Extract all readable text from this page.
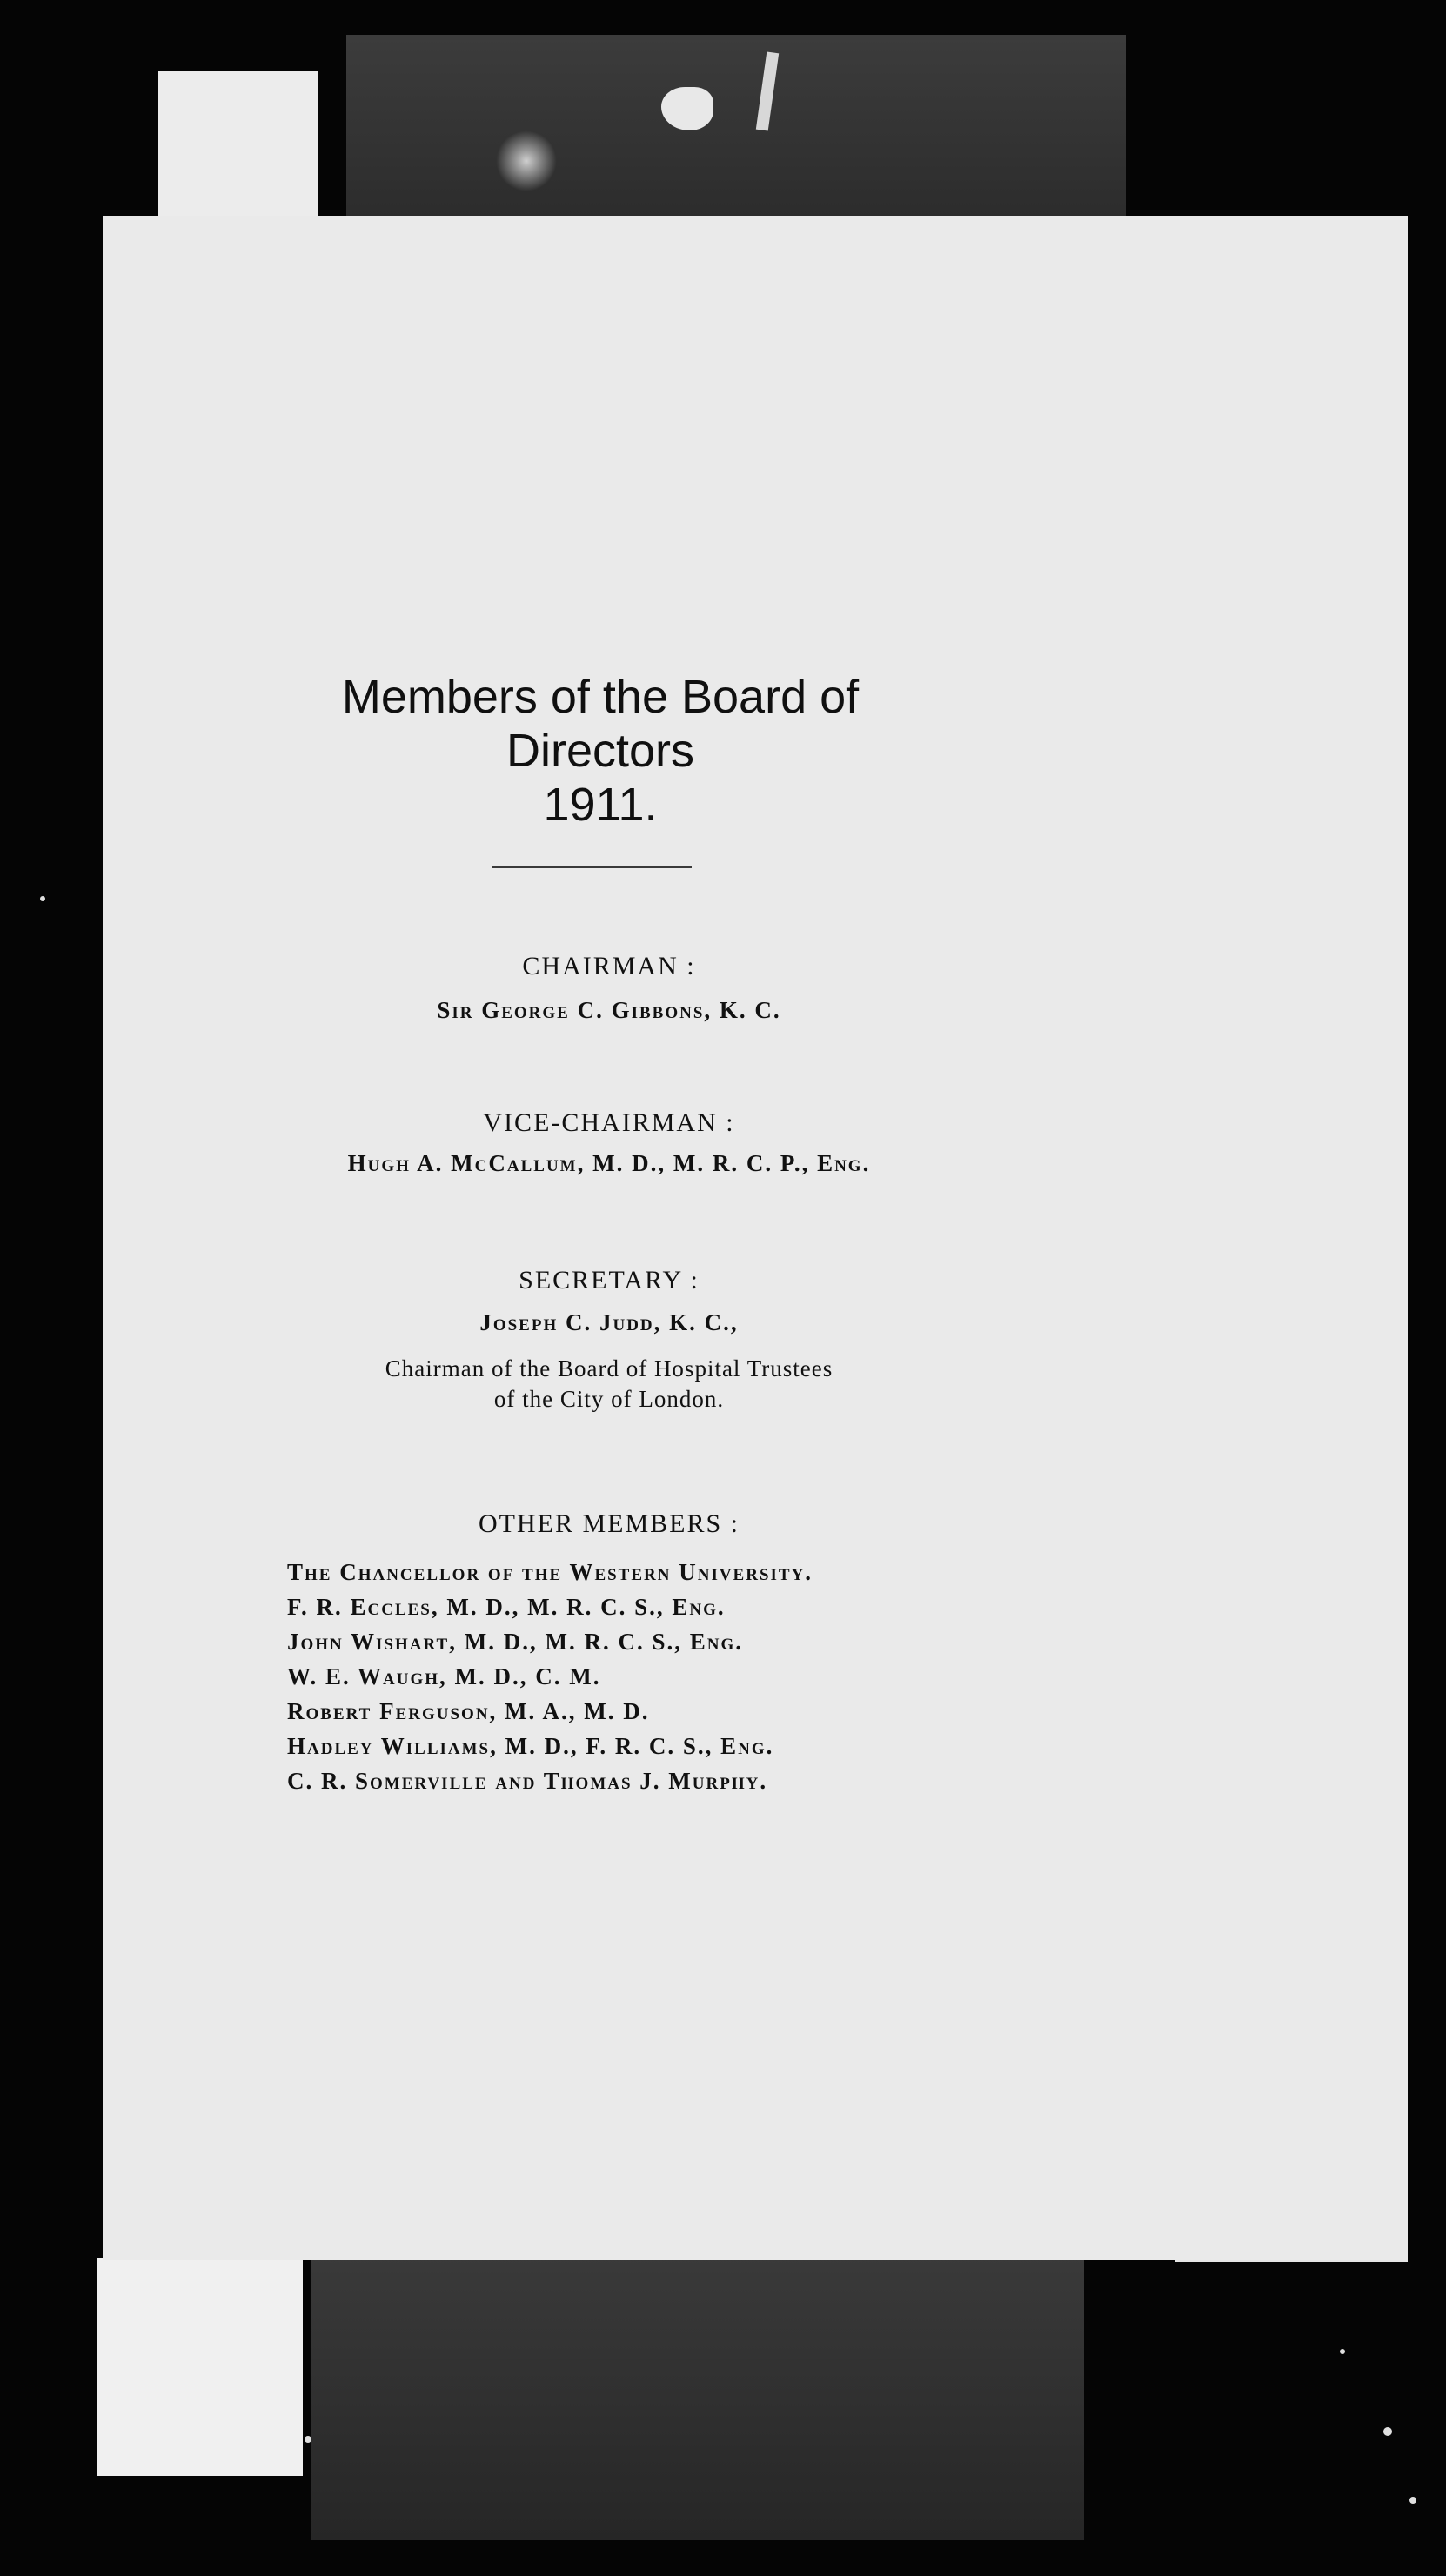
Members of the Board of Directors
1911.
CHAIRMAN :
Sir George C. Gibbons, K. C.
VICE-CHAIRMAN :
Hugh A. McCallum, M. D., M. R. C. P., Eng.
SECRETARY :
Joseph C. Judd, K. C.,
Chairman of the Board of Hospital Trustees
of the City of London.
OTHER MEMBERS :
The Chancellor of the Western University.
F. R. Eccles, M. D., M. R. C. S., Eng.
John Wishart, M. D., M. R. C. S., Eng.
W. E. Waugh, M. D., C. M.
Robert Ferguson, M. A., M. D.
Hadley Williams, M. D., F. R. C. S., Eng.
C. R. Somerville and Thomas J. Murphy.
